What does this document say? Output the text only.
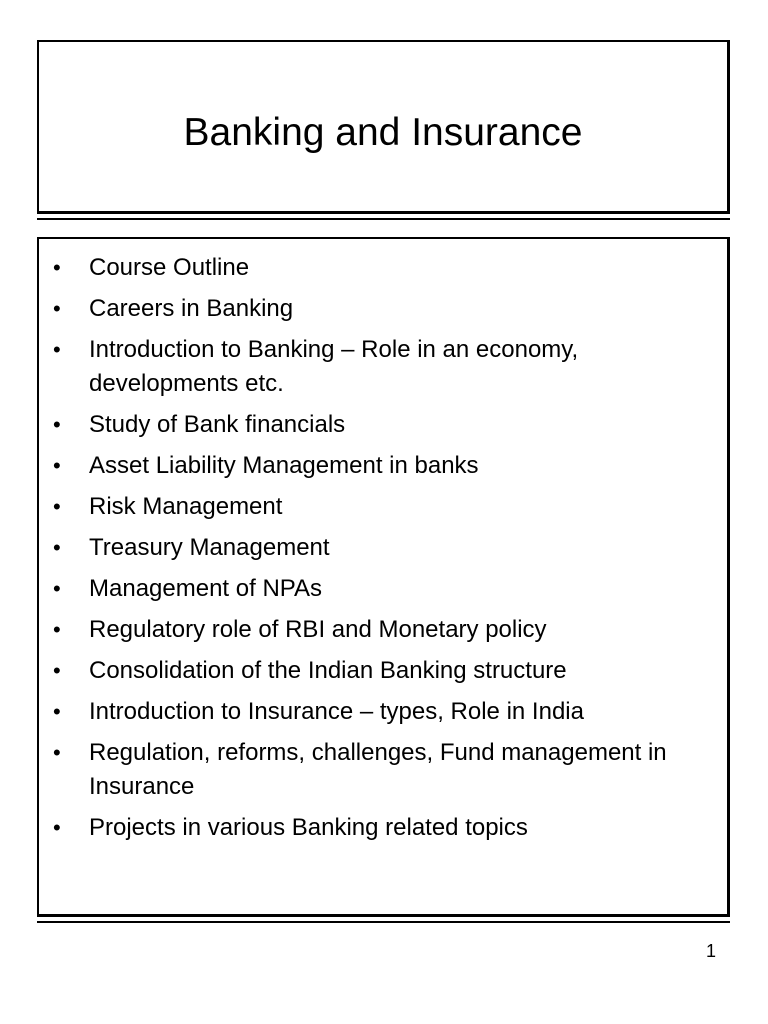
Banking and Insurance
• Course Outline
• Careers in Banking
• Introduction to Banking – Role in an economy, developments etc.
• Study of Bank financials
• Asset Liability Management in banks
• Risk Management
• Treasury Management
• Management of NPAs
• Regulatory role of RBI and Monetary policy
• Consolidation of the Indian Banking structure
• Introduction to Insurance – types, Role in India
• Regulation, reforms, challenges, Fund management in Insurance
• Projects in various Banking related topics
1
